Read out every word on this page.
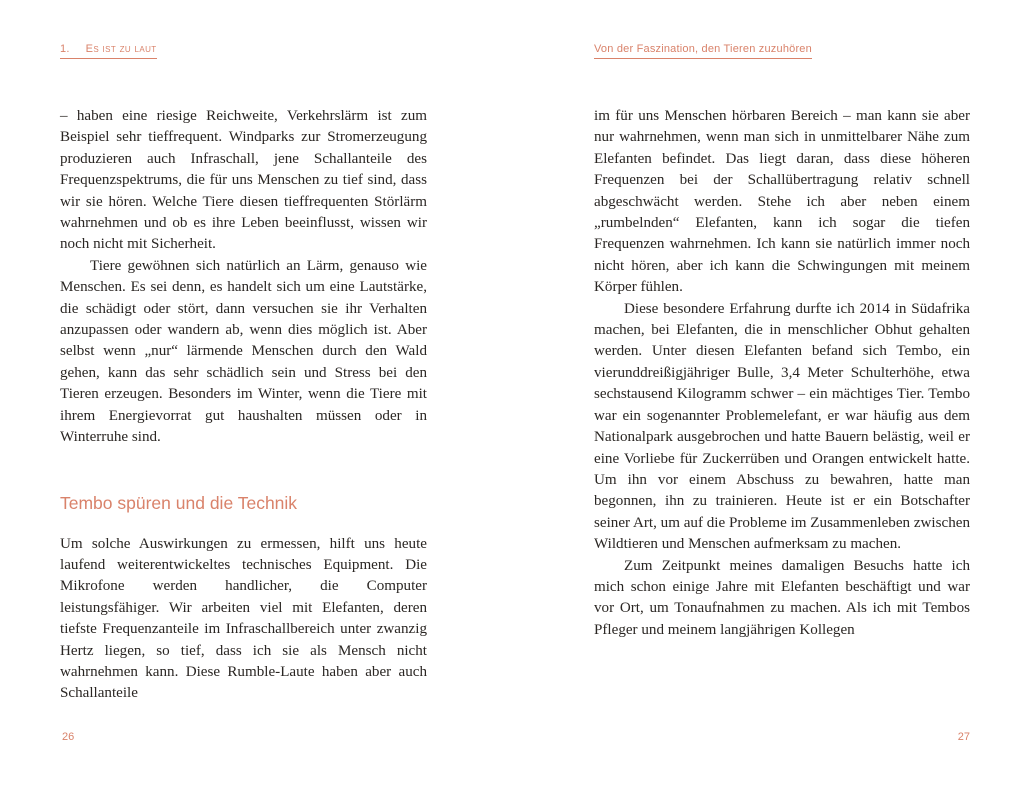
1. Es ist zu laut

– haben eine riesige Reichweite, Verkehrslärm ist zum Beispiel sehr tieffrequent. Windparks zur Stromerzeugung produzieren auch Infraschall, jene Schallanteile des Frequenzspektrums, die für uns Menschen zu tief sind, dass wir sie hören. Welche Tiere diesen tieffrequenten Störlärm wahrnehmen und ob es ihre Leben beeinflusst, wissen wir noch nicht mit Sicherheit.

Tiere gewöhnen sich natürlich an Lärm, genauso wie Menschen. Es sei denn, es handelt sich um eine Lautstärke, die schädigt oder stört, dann versuchen sie ihr Verhalten anzupassen oder wandern ab, wenn dies möglich ist. Aber selbst wenn „nur“ lärmende Menschen durch den Wald gehen, kann das sehr schädlich sein und Stress bei den Tieren erzeugen. Besonders im Winter, wenn die Tiere mit ihrem Energievorrat gut haushalten müssen oder in Winterruhe sind.

Tembo spüren und die Technik

Um solche Auswirkungen zu ermessen, hilft uns heute laufend weiterentwickeltes technisches Equipment. Die Mikrofone werden handlicher, die Computer leistungsfähiger. Wir arbeiten viel mit Elefanten, deren tiefste Frequenzanteile im Infraschallbereich unter zwanzig Hertz liegen, so tief, dass ich sie als Mensch nicht wahrnehmen kann. Diese Rumble-Laute haben aber auch Schallanteile

26
Von der Faszination, den Tieren zuzuhören

im für uns Menschen hörbaren Bereich – man kann sie aber nur wahrnehmen, wenn man sich in unmittelbarer Nähe zum Elefanten befindet. Das liegt daran, dass diese höheren Frequenzen bei der Schallübertragung relativ schnell abgeschwächt werden. Stehe ich aber neben einem „rumbelnden“ Elefanten, kann ich sogar die tiefen Frequenzen wahrnehmen. Ich kann sie natürlich immer noch nicht hören, aber ich kann die Schwingungen mit meinem Körper fühlen.

Diese besondere Erfahrung durfte ich 2014 in Südafrika machen, bei Elefanten, die in menschlicher Obhut gehalten werden. Unter diesen Elefanten befand sich Tembo, ein vierunddreißigjähriger Bulle, 3,4 Meter Schulterhöhe, etwa sechstausend Kilogramm schwer – ein mächtiges Tier. Tembo war ein sogenannter Problemelefant, er war häufig aus dem Nationalpark ausgebrochen und hatte Bauern belästig, weil er eine Vorliebe für Zuckerrüben und Orangen entwickelt hatte. Um ihn vor einem Abschuss zu bewahren, hatte man begonnen, ihn zu trainieren. Heute ist er ein Botschafter seiner Art, um auf die Probleme im Zusammenleben zwischen Wildtieren und Menschen aufmerksam zu machen.

Zum Zeitpunkt meines damaligen Besuchs hatte ich mich schon einige Jahre mit Elefanten beschäftigt und war vor Ort, um Tonaufnahmen zu machen. Als ich mit Tembos Pfleger und meinem langjährigen Kollegen

27
